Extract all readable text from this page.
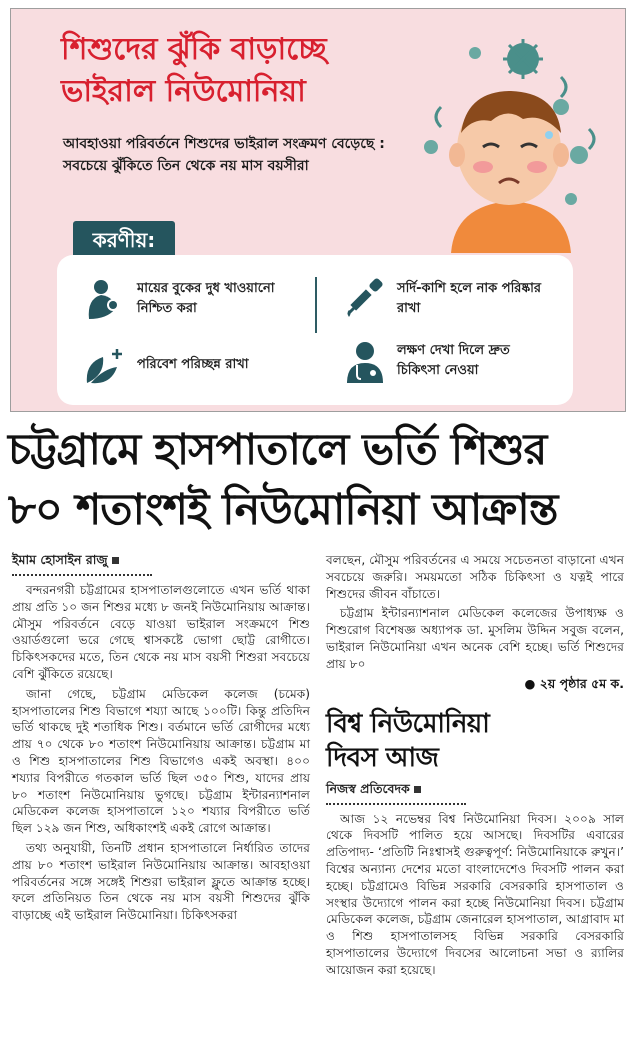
শিশুদের ঝুঁকি বাড়াচ্ছে
ভাইরাল নিউমোনিয়া
আবহাওয়া পরিবর্তনে শিশুদের ভাইরাল সংক্রমণ বেড়েছে : সবচেয়ে ঝুঁকিতে তিন থেকে নয় মাস বয়সীরা
করণীয়:
মায়ের বুকের দুধ খাওয়ানো নিশ্চিত করা
সর্দি-কাশি হলে নাক পরিষ্কার রাখা
পরিবেশ পরিচ্ছন্ন রাখা
লক্ষণ দেখা দিলে দ্রুত চিকিৎসা নেওয়া
চট্টগ্রামে হাসপাতালে ভর্তি শিশুর
৮০ শতাংশই নিউমোনিয়া আক্রান্ত
ইমাম হোসাইন রাজু

বন্দরনগরী চট্টগ্রামের হাসপাতালগুলোতে এখন ভর্তি থাকা প্রায় প্রতি ১০ জন শিশুর মধ্যে ৮ জনই নিউমোনিয়ায় আক্রান্ত। মৌসুম পরিবর্তনে বেড়ে যাওয়া ভাইরাল সংক্রমণে শিশু ওয়ার্ডগুলো ভরে গেছে শ্বাসকষ্টে ভোগা ছোট্ট রোগীতে। চিকিৎসকদের মতে, তিন থেকে নয় মাস বয়সী শিশুরা সবচেয়ে বেশি ঝুঁকিতে রয়েছে।

জানা গেছে, চট্টগ্রাম মেডিকেল কলেজ (চমেক) হাসপাতালের শিশু বিভাগে শয্যা আছে ১০০টি। কিন্তু প্রতিদিন ভর্তি থাকছে দুই শতাধিক শিশু। বর্তমানে ভর্তি রোগীদের মধ্যে প্রায় ৭০ থেকে ৮০ শতাংশ নিউমোনিয়ায় আক্রান্ত। চট্টগ্রাম মা ও শিশু হাসপাতালের শিশু বিভাগেও একই অবস্থা। ৪০০ শয্যার বিপরীতে গতকাল ভর্তি ছিল ৩৫০ শিশু, যাদের প্রায় ৮০ শতাংশ নিউমোনিয়ায় ভুগছে। চট্টগ্রাম ইন্টারন্যাশনাল মেডিকেল কলেজ হাসপাতালে ১২০ শয্যার বিপরীতে ভর্তি ছিল ১২৯ জন শিশু, অধিকাংশই একই রোগে আক্রান্ত।

তথ্য অনুযায়ী, তিনটি প্রধান হাসপাতালে নির্ধারিত তাদের প্রায় ৮০ শতাংশ ভাইরাল নিউমোনিয়ায় আক্রান্ত। আবহাওয়া পরিবর্তনের সঙ্গে সঙ্গেই শিশুরা ভাইরাল ফ্লুতে আক্রান্ত হচ্ছে। ফলে প্রতিনিয়ত তিন থেকে নয় মাস বয়সী শিশুদের ঝুঁকি বাড়াচ্ছে এই ভাইরাল নিউমোনিয়া। চিকিৎসকরা

বলছেন, মৌসুম পরিবর্তনের এ সময়ে সচেতনতা বাড়ানো এখন সবচেয়ে জরুরি। সময়মতো সঠিক চিকিৎসা ও যত্নই পারে শিশুদের জীবন বাঁচাতে।

চট্টগ্রাম ইন্টারন্যাশনাল মেডিকেল কলেজের উপাধ্যক্ষ ও শিশুরোগ বিশেষজ্ঞ অধ্যাপক ডা. মুসলিম উদ্দিন সবুজ বলেন, ভাইরাল নিউমোনিয়া এখন অনেক বেশি হচ্ছে। ভর্তি শিশুদের প্রায় ৮০

● ২য় পৃষ্ঠার ৫ম ক.
বিশ্ব নিউমোনিয়া
দিবস আজ
নিজস্ব প্রতিবেদক

আজ ১২ নভেম্বর বিশ্ব নিউমোনিয়া দিবস। ২০০৯ সাল থেকে দিবসটি পালিত হয়ে আসছে। দিবসটির এবারের প্রতিপাদ্য- ‘প্রতিটি নিঃশ্বাসই গুরুত্বপূর্ণ: নিউমোনিয়াকে রুখুন।’ বিশ্বের অন্যান্য দেশের মতো বাংলাদেশেও দিবসটি পালন করা হচ্ছে। চট্টগ্রামেও বিভিন্ন সরকারি বেসরকারি হাসপাতাল ও সংস্থার উদ্যোগে পালন করা হচ্ছে নিউমোনিয়া দিবস। চট্টগ্রাম মেডিকেল কলেজ, চট্টগ্রাম জেনারেল হাসপাতাল, আগ্রাবাদ মা ও শিশু হাসপাতালসহ বিভিন্ন সরকারি বেসরকারি হাসপাতালের উদ্যোগে দিবসের আলোচনা সভা ও র‌্যালির আয়োজন করা হয়েছে।
